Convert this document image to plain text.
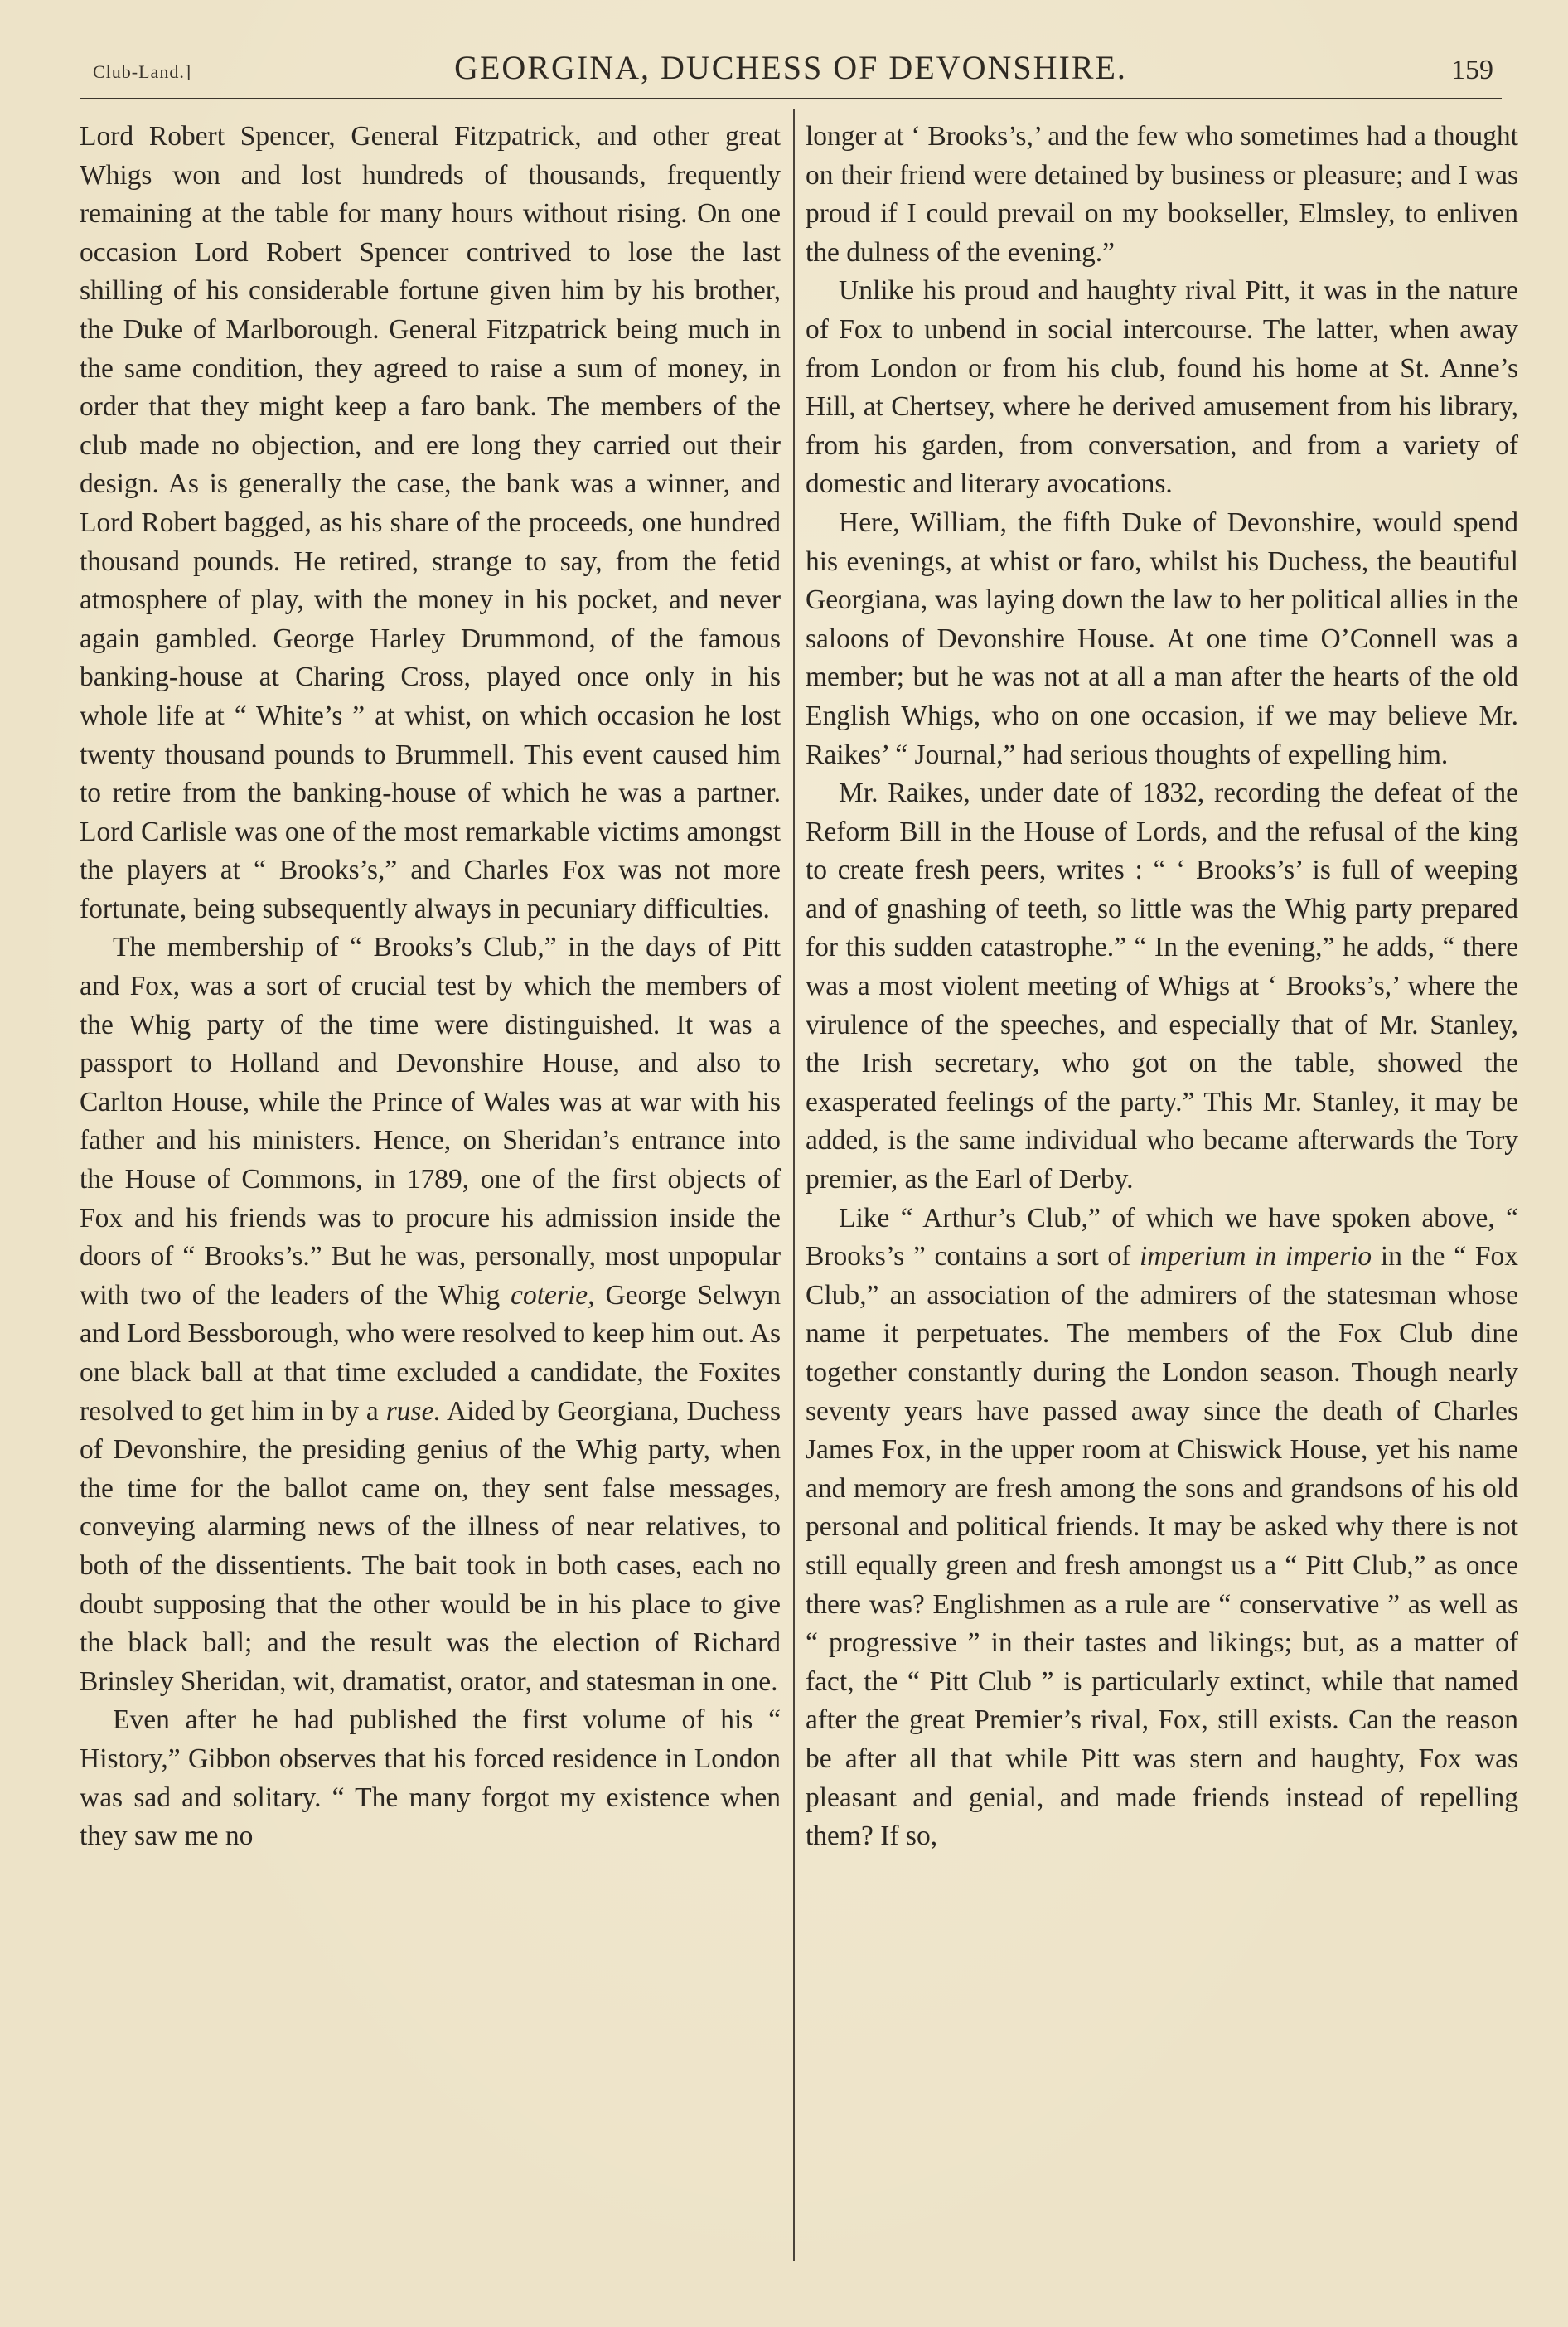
Club-Land.]	GEORGINA, DUCHESS OF DEVONSHIRE.	159

Lord Robert Spencer, General Fitzpatrick, and other great Whigs won and lost hundreds of thousands, frequently remaining at the table for many hours without rising. On one occasion Lord Robert Spencer contrived to lose the last shilling of his considerable fortune given him by his brother, the Duke of Marlborough. General Fitzpatrick being much in the same condition, they agreed to raise a sum of money, in order that they might keep a faro bank. The members of the club made no objection, and ere long they carried out their design. As is generally the case, the bank was a winner, and Lord Robert bagged, as his share of the proceeds, one hundred thousand pounds. He retired, strange to say, from the fetid atmosphere of play, with the money in his pocket, and never again gambled. George Harley Drummond, of the famous banking-house at Charing Cross, played once only in his whole life at “ White’s ” at whist, on which occasion he lost twenty thousand pounds to Brummell. This event caused him to retire from the banking-house of which he was a partner. Lord Carlisle was one of the most remarkable victims amongst the players at “ Brooks’s,” and Charles Fox was not more fortunate, being subsequently always in pecuniary difficulties.

The membership of “ Brooks’s Club,” in the days of Pitt and Fox, was a sort of crucial test by which the members of the Whig party of the time were distinguished. It was a passport to Holland and Devonshire House, and also to Carlton House, while the Prince of Wales was at war with his father and his ministers. Hence, on Sheridan’s entrance into the House of Commons, in 1789, one of the first objects of Fox and his friends was to procure his admission inside the doors of “ Brooks’s.” But he was, personally, most unpopular with two of the leaders of the Whig coterie, George Selwyn and Lord Bessborough, who were resolved to keep him out. As one black ball at that time excluded a candidate, the Foxites resolved to get him in by a ruse. Aided by Georgiana, Duchess of Devonshire, the presiding genius of the Whig party, when the time for the ballot came on, they sent false messages, conveying alarming news of the illness of near relatives, to both of the dissentients. The bait took in both cases, each no doubt supposing that the other would be in his place to give the black ball; and the result was the election of Richard Brinsley Sheridan, wit, dramatist, orator, and statesman in one.

Even after he had published the first volume of his “ History,” Gibbon observes that his forced residence in London was sad and solitary. “ The many forgot my existence when they saw me no

longer at ‘ Brooks’s,’ and the few who sometimes had a thought on their friend were detained by business or pleasure; and I was proud if I could prevail on my bookseller, Elmsley, to enliven the dulness of the evening.”

Unlike his proud and haughty rival Pitt, it was in the nature of Fox to unbend in social intercourse. The latter, when away from London or from his club, found his home at St. Anne’s Hill, at Chertsey, where he derived amusement from his library, from his garden, from conversation, and from a variety of domestic and literary avocations.

Here, William, the fifth Duke of Devonshire, would spend his evenings, at whist or faro, whilst his Duchess, the beautiful Georgiana, was laying down the law to her political allies in the saloons of Devonshire House. At one time O’Connell was a member; but he was not at all a man after the hearts of the old English Whigs, who on one occasion, if we may believe Mr. Raikes’ “ Journal,” had serious thoughts of expelling him.

Mr. Raikes, under date of 1832, recording the defeat of the Reform Bill in the House of Lords, and the refusal of the king to create fresh peers, writes : “ ‘ Brooks’s’ is full of weeping and of gnashing of teeth, so little was the Whig party prepared for this sudden catastrophe.” “ In the evening,” he adds, “ there was a most violent meeting of Whigs at ‘ Brooks’s,’ where the virulence of the speeches, and especially that of Mr. Stanley, the Irish secretary, who got on the table, showed the exasperated feelings of the party.” This Mr. Stanley, it may be added, is the same individual who became afterwards the Tory premier, as the Earl of Derby.

Like “ Arthur’s Club,” of which we have spoken above, “ Brooks’s ” contains a sort of imperium in imperio in the “ Fox Club,” an association of the admirers of the statesman whose name it perpetuates. The members of the Fox Club dine together constantly during the London season. Though nearly seventy years have passed away since the death of Charles James Fox, in the upper room at Chiswick House, yet his name and memory are fresh among the sons and grandsons of his old personal and political friends. It may be asked why there is not still equally green and fresh amongst us a “ Pitt Club,” as once there was? Englishmen as a rule are “ conservative ” as well as “ progressive ” in their tastes and likings; but, as a matter of fact, the “ Pitt Club ” is particularly extinct, while that named after the great Premier’s rival, Fox, still exists. Can the reason be after all that while Pitt was stern and haughty, Fox was pleasant and genial, and made friends instead of repelling them? If so,
